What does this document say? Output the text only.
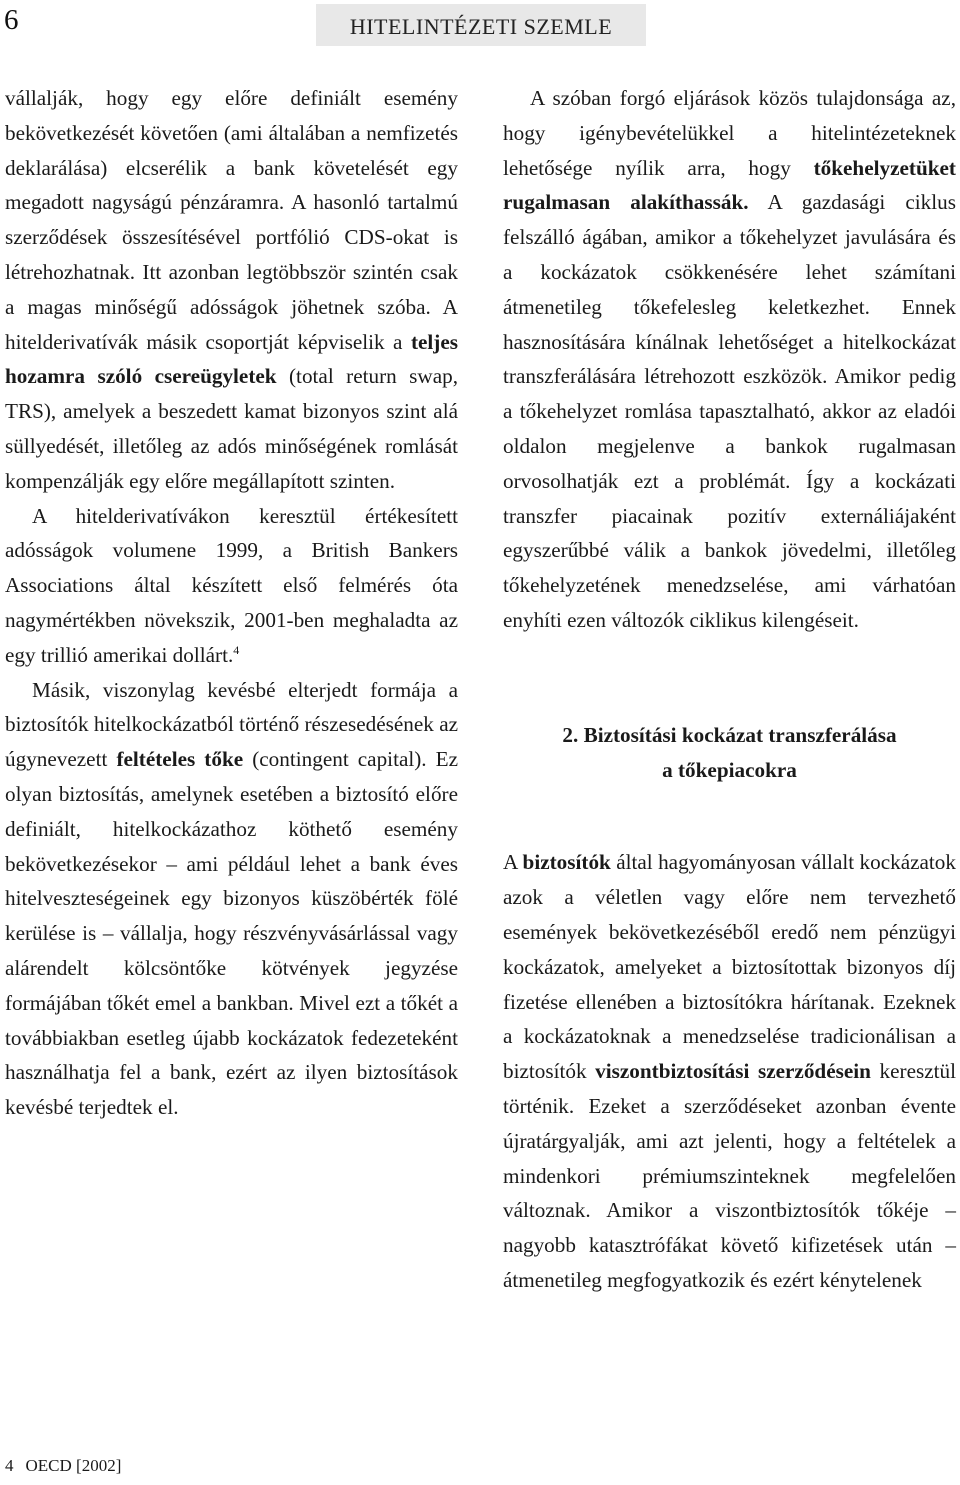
6	HITELINTÉZETI SZEMLE

vállalják, hogy egy előre definiált esemény bekövetkezését követően (ami általában a nemfizetés deklarálása) elcserélik a bank követelését egy megadott nagyságú pénzáramra. A hasonló tartalmú szerződések összesítésével portfólió CDS-okat is létrehozhatnak. Itt azonban legtöbbször szintén csak a magas minőségű adósságok jöhetnek szóba. A hitelderivatívák másik csoportját képviselik a teljes hozamra szóló csereügyletek (total return swap, TRS), amelyek a beszedett kamat bizonyos szint alá süllyedését, illetőleg az adós minőségének romlását kompenzálják egy előre megállapított szinten.

A hitelderivatívákon keresztül értékesített adósságok volumene 1999, a British Bankers Associations által készített első felmérés óta nagymértékben növekszik, 2001-ben meghaladta az egy trillió amerikai dollárt.$^4$

Másik, viszonylag kevésbé elterjedt formája a biztosítók hitelkockázatból történő részesedésének az úgynevezett feltételes tőke (contingent capital). Ez olyan biztosítás, amelynek esetében a biztosító előre definiált, hitelkockázathoz köthető esemény bekövetkezésekor – ami például lehet a bank éves hitelveszteségeinek egy bizonyos küszöbérték fölé kerülése is – vállalja, hogy részvényvásárlással vagy alárendelt kölcsöntőke kötvények jegyzése formájában tőkét emel a bankban. Mivel ezt a tőkét a továbbiakban esetleg újabb kockázatok fedezeteként használhatja fel a bank, ezért az ilyen biztosítások kevésbé terjedtek el.

A szóban forgó eljárások közös tulajdonsága az, hogy igénybevételükkel a hitelintézeteknek lehetősége nyílik arra, hogy tőkehelyzetüket rugalmasan alakíthassák. A gazdasági ciklus felszálló ágában, amikor a tőkehelyzet javulására és a kockázatok csökkenésére lehet számítani átmenetileg tőkefelesleg keletkezhet. Ennek hasznosítására kínálnak lehetőséget a hitelkockázat transzferálására létrehozott eszközök. Amikor pedig a tőkehelyzet romlása tapasztalható, akkor az eladói oldalon megjelenve a bankok rugalmasan orvosolhatják ezt a problémát. Így a kockázati transzfer piacainak pozitív externáliájaként egyszerűbbé válik a bankok jövedelmi, illetőleg tőkehelyzetének menedzselése, ami várhatóan enyhíti ezen változók ciklikus kilengéseit.

2. Biztosítási kockázat transzferálása
a tőkepiacokra

A biztosítók által hagyományosan vállalt kockázatok azok a véletlen vagy előre nem tervezhető események bekövetkezéséből eredő nem pénzügyi kockázatok, amelyeket a biztosítottak bizonyos díj fizetése ellenében a biztosítókra hárítanak. Ezeknek a kockázatoknak a menedzselése tradicionálisan a biztosítók viszontbiztosítási szerződésein keresztül történik. Ezeket a szerződéseket azonban évente újratárgyalják, ami azt jelenti, hogy a feltételek a mindenkori prémiumszinteknek megfelelően változnak. Amikor a viszontbiztosítók tőkéje – nagyobb katasztrófákat követő kifizetések után – átmenetileg megfogyatkozik és ezért kénytelenek

4 OECD [2002]
